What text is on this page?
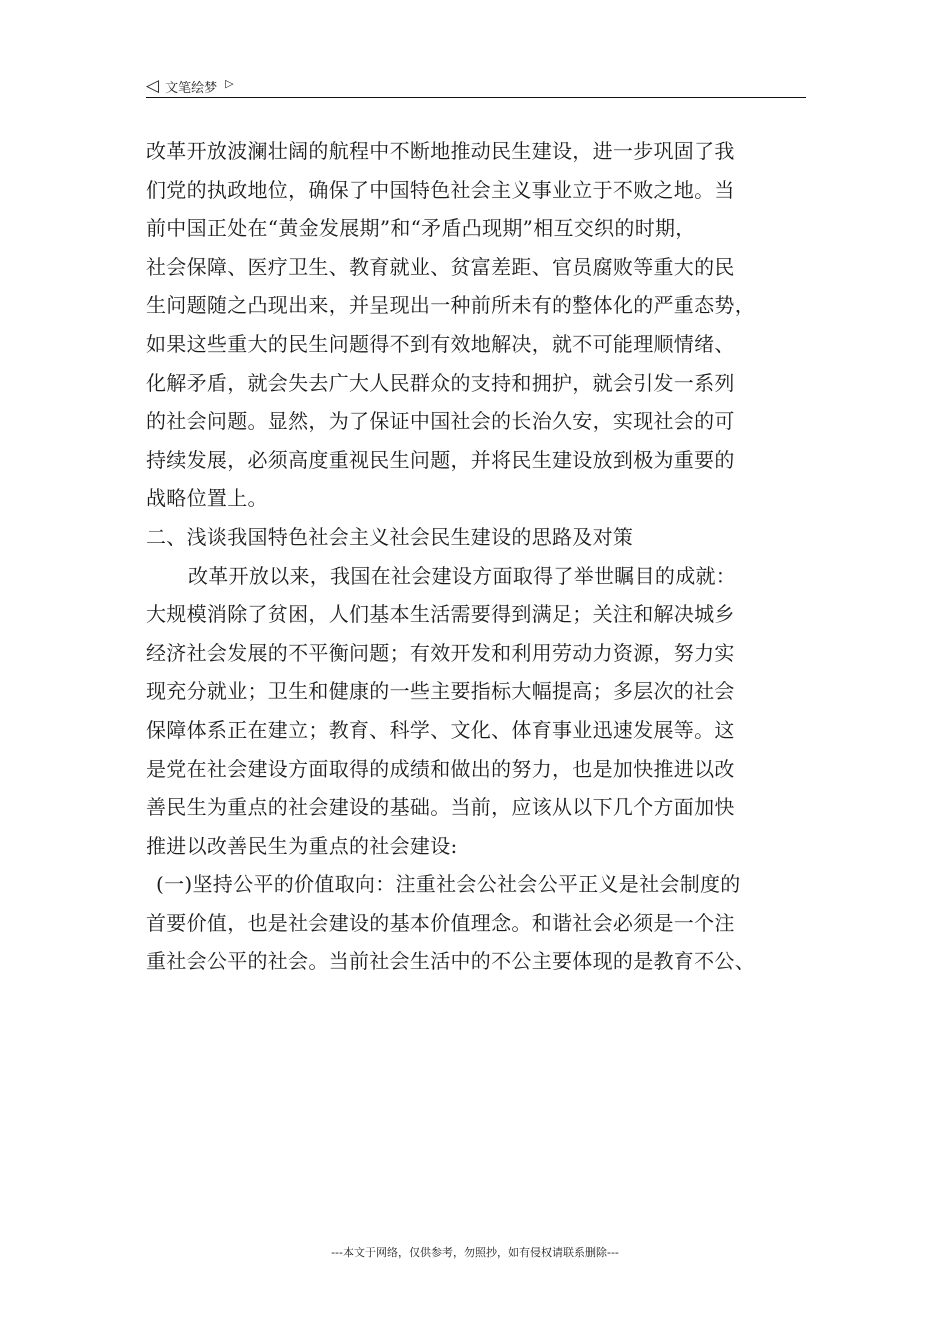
◁ 文笔绘梦 ▷
改革开放波澜壮阔的航程中不断地推动民生建设，进一步巩固了我
们党的执政地位，确保了中国特色社会主义事业立于不败之地。当
前中国正处在“黄金发展期”和“矛盾凸现期”相互交织的时期，
社会保障、医疗卫生、教育就业、贫富差距、官员腐败等重大的民
生问题随之凸现出来，并呈现出一种前所未有的整体化的严重态势，
如果这些重大的民生问题得不到有效地解决，就不可能理顺情绪、
化解矛盾，就会失去广大人民群众的支持和拥护，就会引发一系列
的社会问题。显然，为了保证中国社会的长治久安，实现社会的可
持续发展，必须高度重视民生问题，并将民生建设放到极为重要的
战略位置上。
二、浅谈我国特色社会主义社会民生建设的思路及对策
改革开放以来，我国在社会建设方面取得了举世瞩目的成就：
大规模消除了贫困，人们基本生活需要得到满足；关注和解决城乡
经济社会发展的不平衡问题；有效开发和利用劳动力资源，努力实
现充分就业；卫生和健康的一些主要指标大幅提高；多层次的社会
保障体系正在建立；教育、科学、文化、体育事业迅速发展等。这
是党在社会建设方面取得的成绩和做出的努力，也是加快推进以改
善民生为重点的社会建设的基础。当前，应该从以下几个方面加快
推进以改善民生为重点的社会建设:
(一)坚持公平的价值取向：注重社会公社会公平正义是社会制度的
首要价值，也是社会建设的基本价值理念。和谐社会必须是一个注
重社会公平的社会。当前社会生活中的不公主要体现的是教育不公、
---本文于网络，仅供参考，勿照抄，如有侵权请联系删除---
